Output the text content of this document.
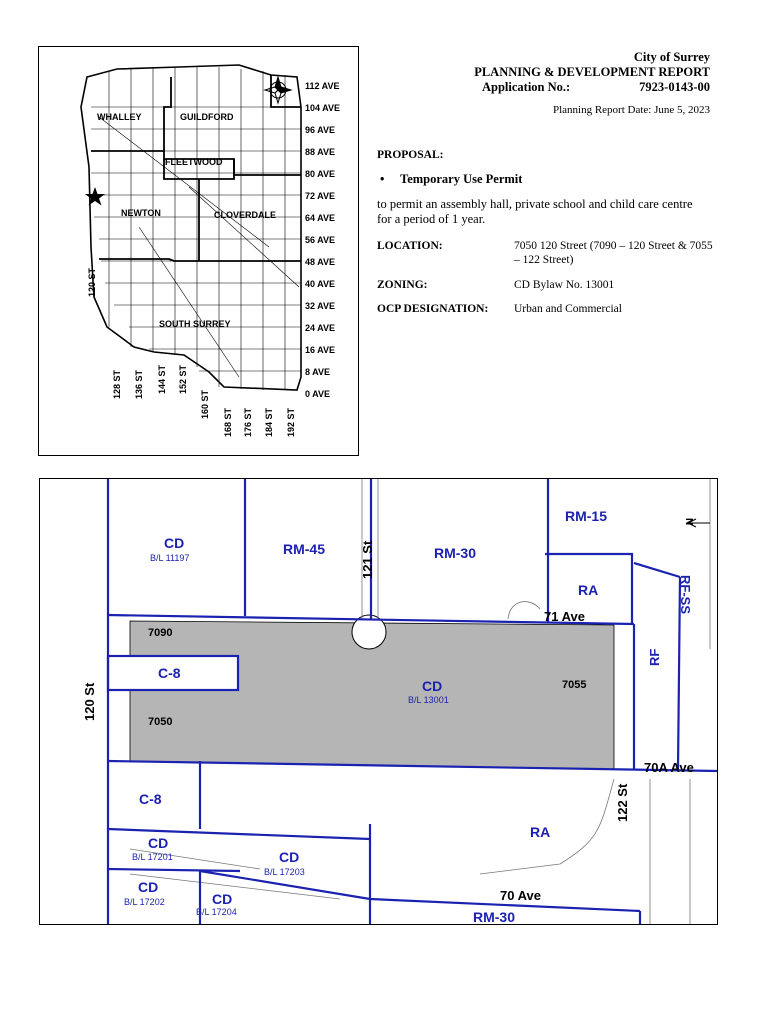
WHALLEY	GUILDFORD
FLEETWOOD
NEWTON	CLOVERDALE
SOUTH SURREY
112 AVE
104 AVE
96 AVE
88 AVE
80 AVE
72 AVE
64 AVE
56 AVE
48 AVE
40 AVE
32 AVE
24 AVE
16 AVE
8 AVE
0 AVE
120 ST
128 ST 136 ST 144 ST 152 ST
160 ST
168 ST 176 ST 184 ST 192 ST
City of Surrey
PLANNING & DEVELOPMENT REPORT
Application No.:	7923-0143-00
Planning Report Date: June 5, 2023
PROPOSAL:
• Temporary Use Permit
to permit an assembly hall, private school and child care centre for a period of 1 year.
LOCATION:	7050 120 Street (7090 – 120 Street & 7055 – 122 Street)
ZONING:	CD Bylaw No. 13001
OCP DESIGNATION: Urban and Commercial
CD
B/L 11197
RM-45	RM-30
RM-15
RA	RF-SS
RF
C-8
CD
B/L 13001
C-8
RA
CD
B/L 17201	CD
B/L 17203
CD
B/L 17202	CD
B/L 17204	RM-30
121 St
71 Ave
120 St
70A Ave
122 St
70 Ave
7090
7055
7050
N
